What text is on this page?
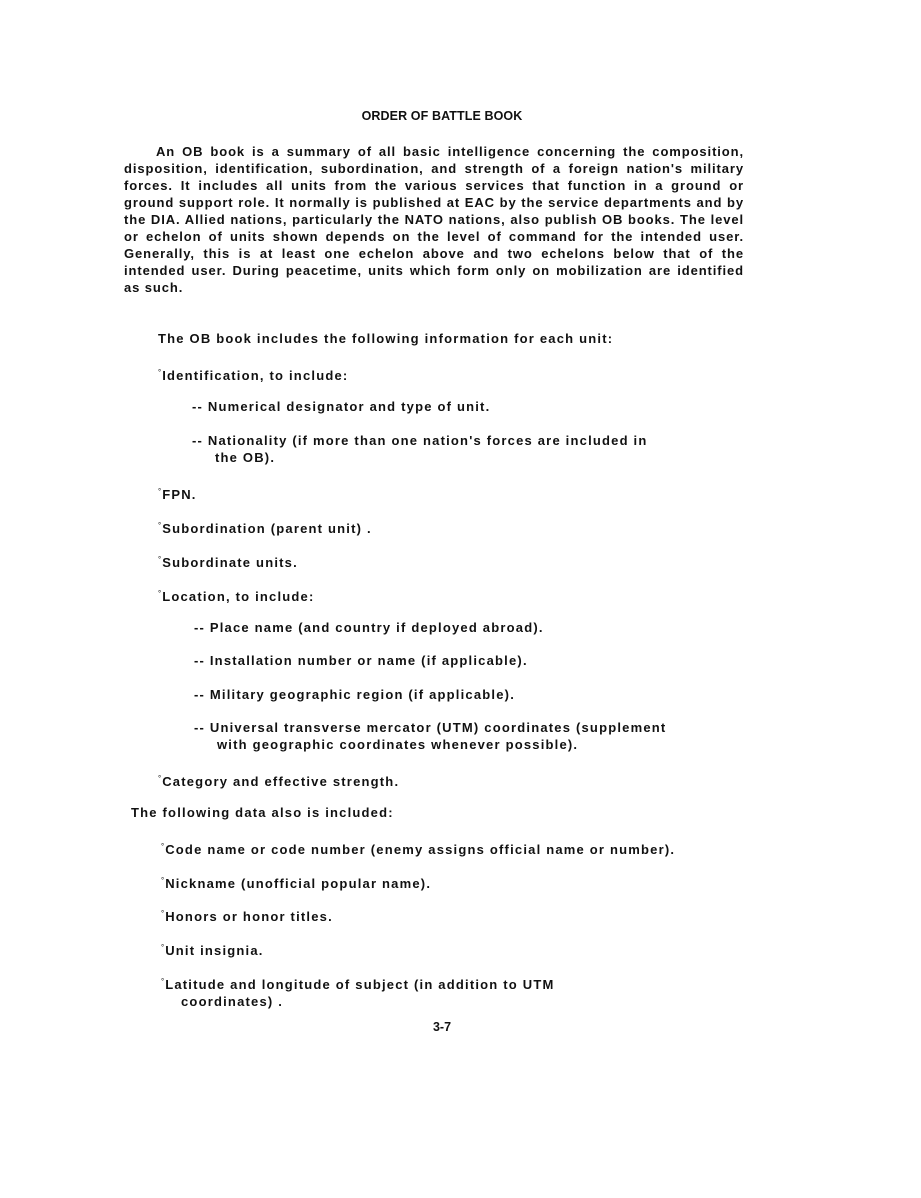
ORDER OF BATTLE BOOK
An OB book is a summary of all basic intelligence concerning the composition, disposition, identification, subordination, and strength of a foreign nation's military forces. It includes all units from the various services that function in a ground or ground support role. It normally is published at EAC by the service departments and by the DIA. Allied nations, particularly the NATO nations, also publish OB books. The level or echelon of units shown depends on the level of command for the intended user. Generally, this is at least one echelon above and two echelons below that of the intended user. During peacetime, units which form only on mobilization are identified as such.
The OB book includes the following information for each unit:
°Identification, to include:
-- Numerical designator and type of unit.
-- Nationality (if more than one nation's forces are included in
the OB).
°FPN.
°Subordination (parent unit) .
°Subordinate units.
°Location, to include:
-- Place name (and country if deployed abroad).
-- Installation number or name (if applicable).
-- Military geographic region (if applicable).
-- Universal transverse mercator (UTM) coordinates (supplement
with geographic coordinates whenever possible).
°Category and effective strength.
The following data also is included:
°Code name or code number (enemy assigns official name or number).
°Nickname (unofficial popular name).
°Honors or honor titles.
°Unit insignia.
°Latitude and longitude of subject (in addition to UTM
coordinates) .
3-7
